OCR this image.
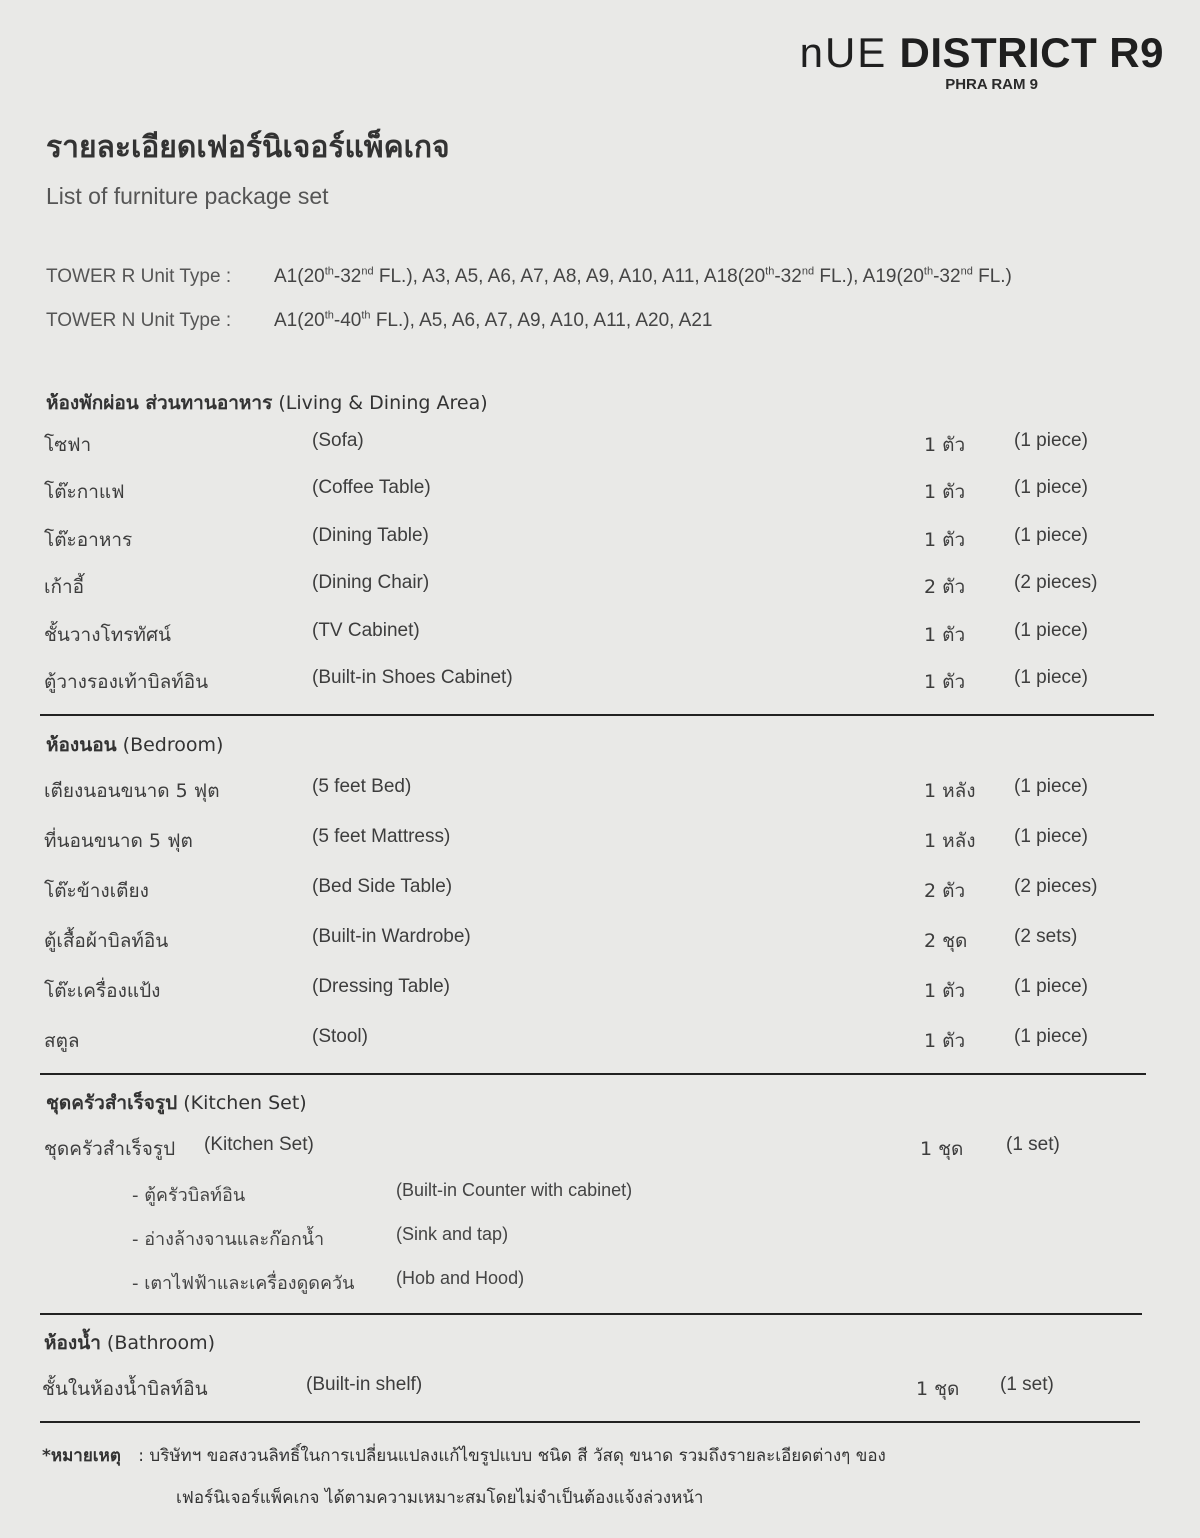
nUE DISTRICT R9
PHRA RAM 9
รายละเอียดเฟอร์นิเจอร์แพ็คเกจ
List of furniture package set
TOWER R Unit Type : A1(20th-32nd FL.), A3, A5, A6, A7, A8, A9, A10, A11, A18(20th-32nd FL.), A19(20th-32nd FL.)
TOWER N Unit Type : A1(20th-40th FL.), A5, A6, A7, A9, A10, A11, A20, A21
ห้องพักผ่อน ส่วนทานอาหาร (Living & Dining Area)
โซฟา	(Sofa)	1 ตัว	(1 piece)
โต๊ะกาแฟ	(Coffee Table)	1 ตัว	(1 piece)
โต๊ะอาหาร	(Dining Table)	1 ตัว	(1 piece)
เก้าอี้	(Dining Chair)	2 ตัว	(2 pieces)
ชั้นวางโทรทัศน์	(TV Cabinet)	1 ตัว	(1 piece)
ตู้วางรองเท้าบิลท์อิน	(Built-in Shoes Cabinet)	1 ตัว	(1 piece)
ห้องนอน (Bedroom)
เตียงนอนขนาด 5 ฟุต	(5 feet Bed)	1 หลัง (1 piece)
ที่นอนขนาด 5 ฟุต	(5 feet Mattress)	1 หลัง (1 piece)
โต๊ะข้างเตียง	(Bed Side Table)	2 ตัว	(2 pieces)
ตู้เสื้อผ้าบิลท์อิน	(Built-in Wardrobe)	2 ชุด (2 sets)
โต๊ะเครื่องแป้ง	(Dressing Table)	1 ตัว	(1 piece)
สตูล	(Stool)	1 ตัว	(1 piece)
ชุดครัวสำเร็จรูป (Kitchen Set)
ชุดครัวสำเร็จรูป (Kitchen Set)	1 ชุด (1 set)
- ตู้ครัวบิลท์อิน	(Built-in Counter with cabinet)
- อ่างล้างจานและก๊อกน้ำ	(Sink and tap)
- เตาไฟฟ้าและเครื่องดูดควัน (Hob and Hood)
ห้องน้ำ (Bathroom)
ชั้นในห้องน้ำบิลท์อิน	(Built-in shelf)	1 ชุด (1 set)
*หมายเหตุ : บริษัทฯ ขอสงวนลิทธิ์ในการเปลี่ยนแปลงแก้ไขรูปแบบ ชนิด สี วัสดุ ขนาด รวมถึงรายละเอียดต่างๆ ของ
เฟอร์นิเจอร์แพ็คเกจ ได้ตามความเหมาะสมโดยไม่จำเป็นต้องแจ้งล่วงหน้า
